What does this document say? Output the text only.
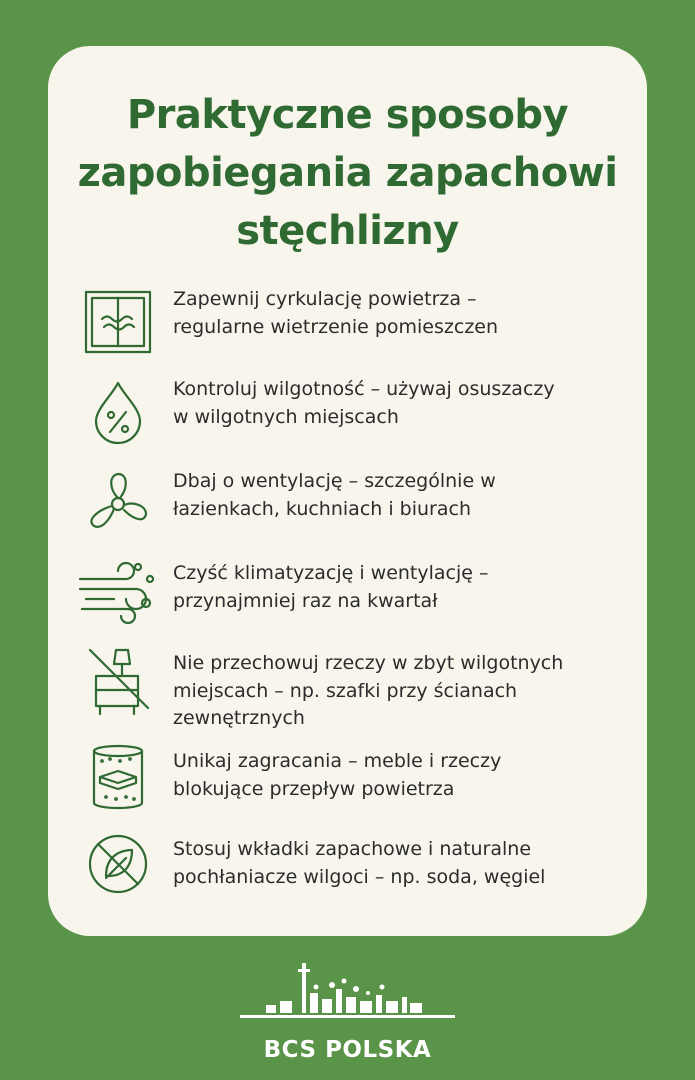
Praktyczne sposoby
zapobiegania zapachowi
stęchlizny

Zapewnij cyrkulację powietrza –
regularne wietrzenie pomieszczen

Kontroluj wilgotność – używaj osuszaczy
w wilgotnych miejscach

Dbaj o wentylację – szczególnie w
łazienkach, kuchniach i biurach

Czyść klimatyzację i wentylację –
przynajmniej raz na kwartał

Nie przechowuj rzeczy w zbyt wilgotnych
miejscach – np. szafki przy ścianach
zewnętrznych

Unikaj zagracania – meble i rzeczy
blokujące przepływ powietrza

Stosuj wkładki zapachowe i naturalne
pochłaniacze wilgoci – np. soda, węgiel

BCS POLSKA
